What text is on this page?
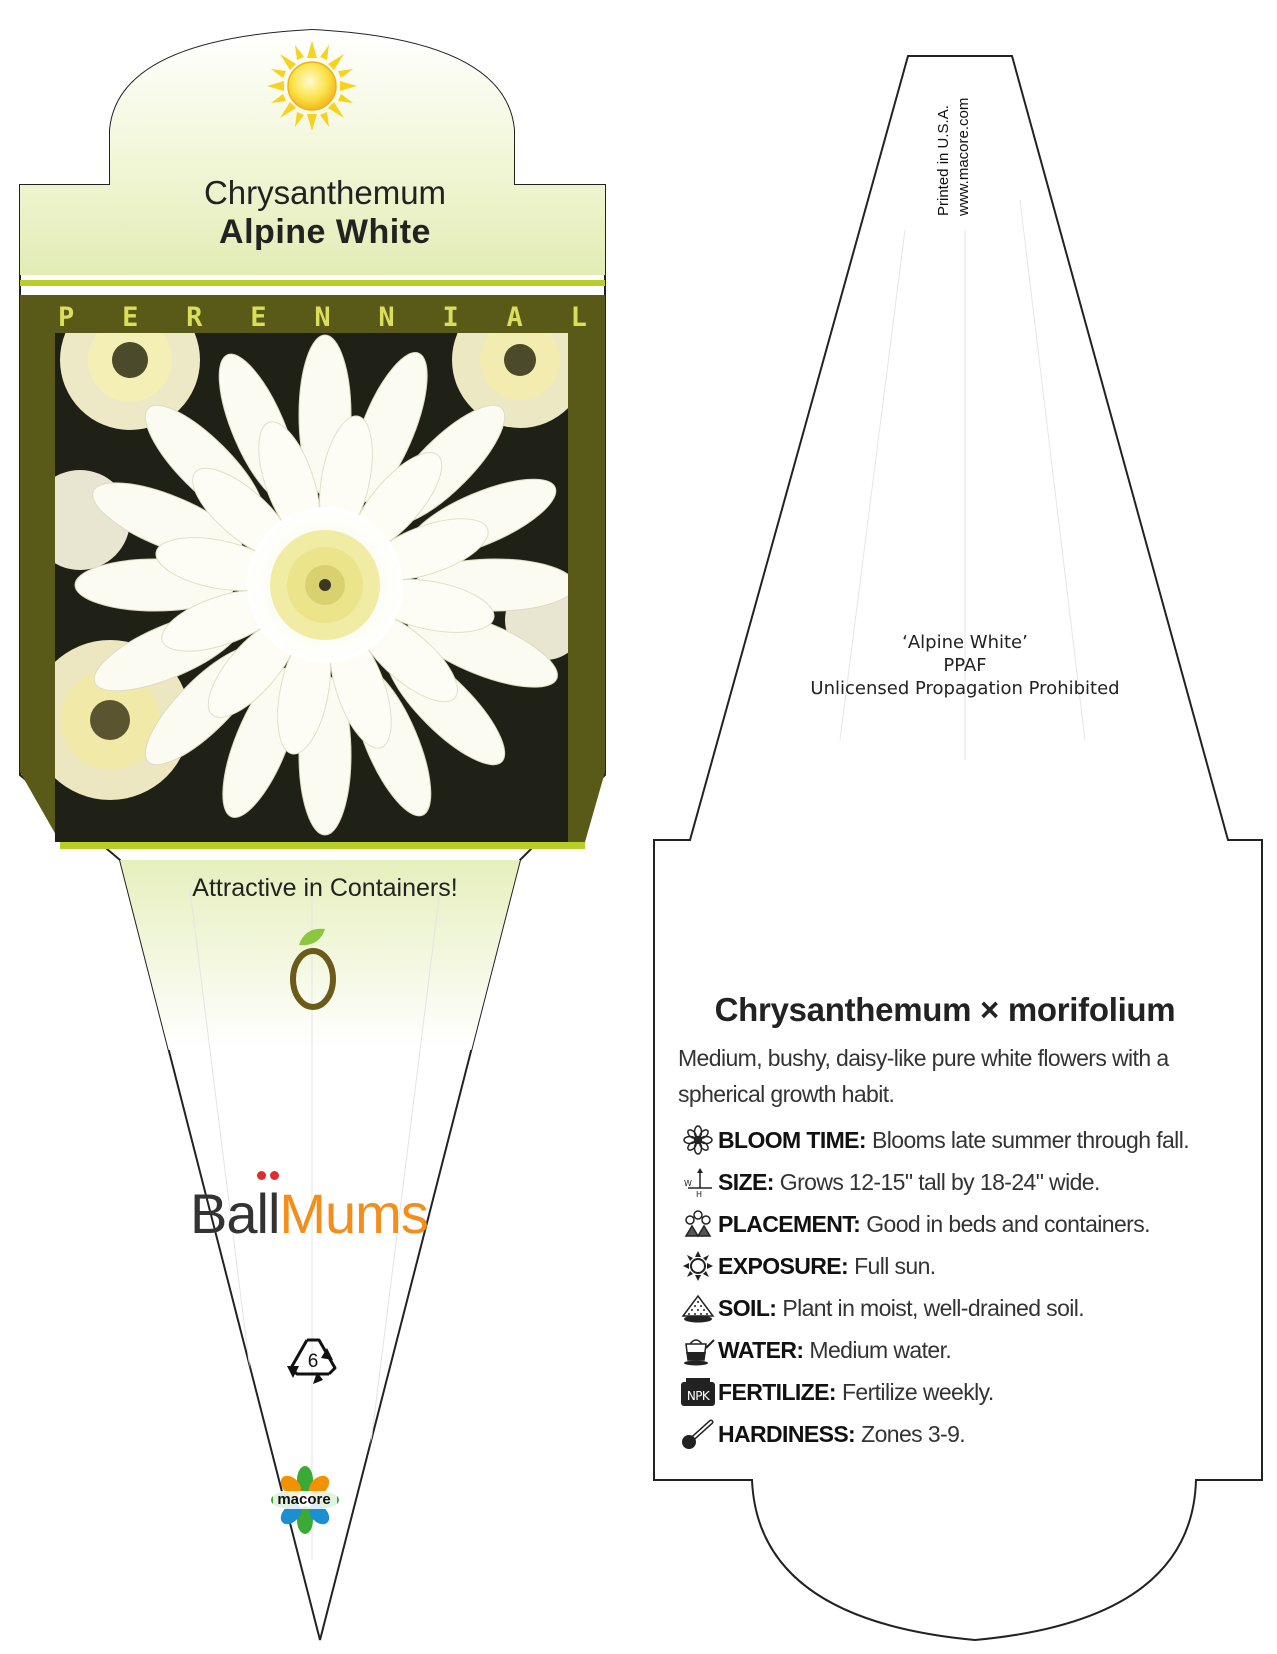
Chrysanthemum
Alpine White
P E R E N N I A L
Attractive in Containers!
BallMums
6
macore
Printed in U.S.A. www.macore.com
‘Alpine White’
PPAF
Unlicensed Propagation Prohibited
Chrysanthemum × morifolium
Medium, bushy, daisy-like pure white flowers with a
spherical growth habit.
BLOOM TIME: Blooms late summer through fall.
W
H SIZE: Grows 12-15" tall by 18-24" wide.
PLACEMENT: Good in beds and containers.
EXPOSURE: Full sun.
SOIL: Plant in moist, well-drained soil.
WATER: Medium water.
NPK FERTILIZE: Fertilize weekly.
HARDINESS: Zones 3-9.
